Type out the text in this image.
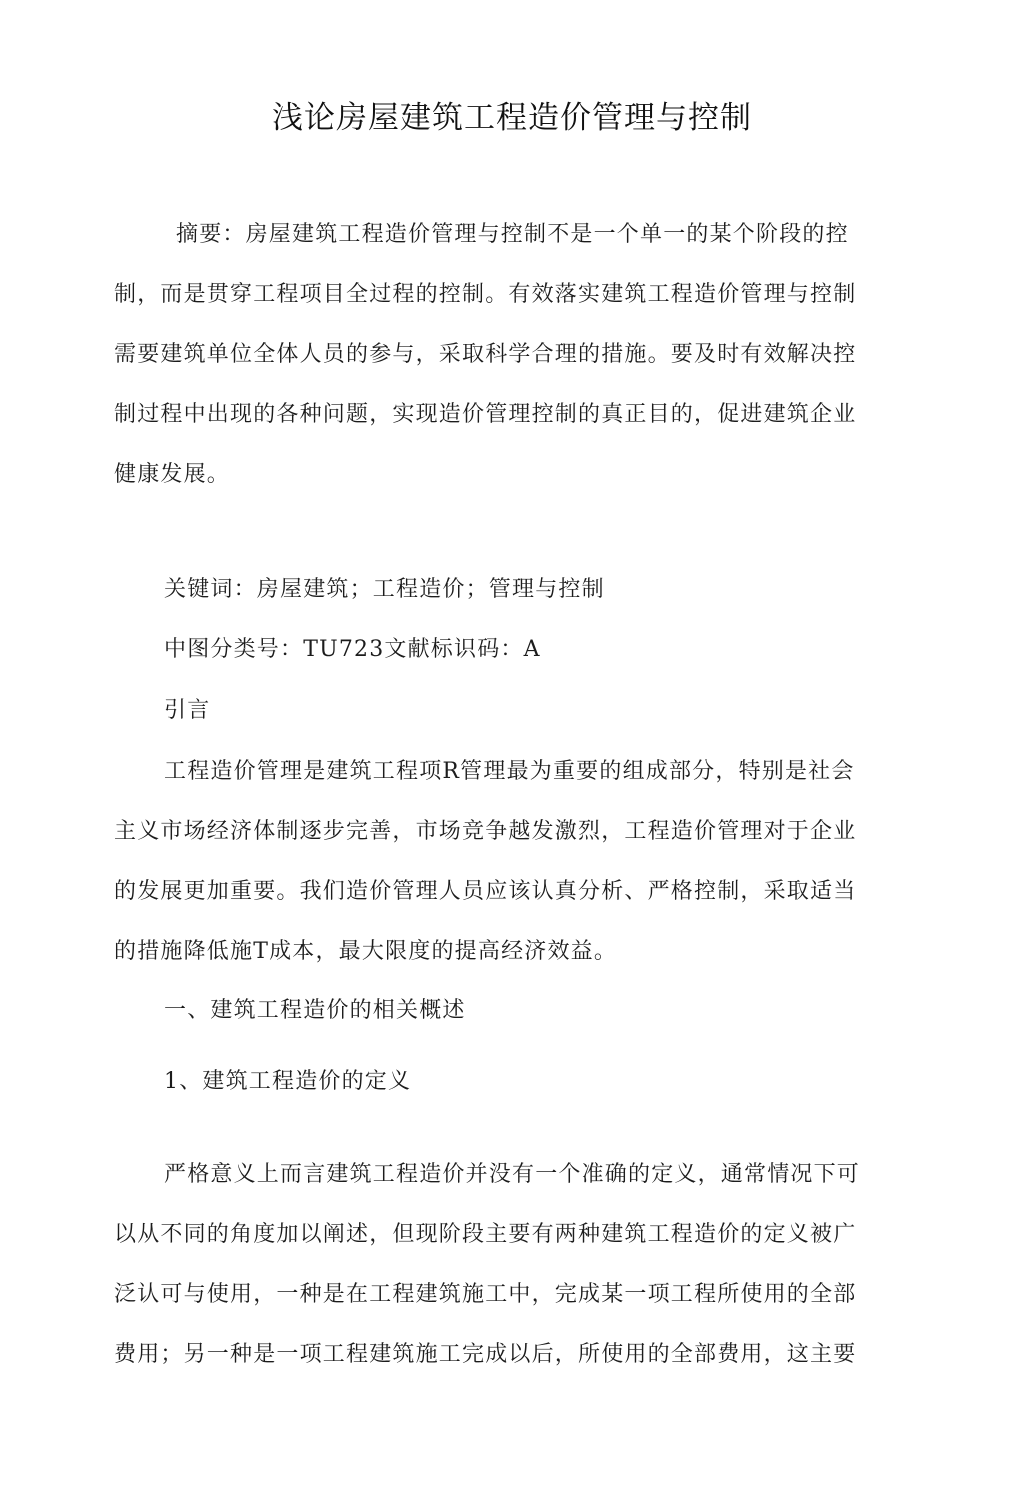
浅论房屋建筑工程造价管理与控制
摘要：房屋建筑工程造价管理与控制不是一个单一的某个阶段的控
制，而是贯穿工程项目全过程的控制。有效落实建筑工程造价管理与控制
需要建筑单位全体人员的参与，采取科学合理的措施。要及时有效解决控
制过程中出现的各种问题，实现造价管理控制的真正目的，促进建筑企业
健康发展。
关键词：房屋建筑；工程造价；管理与控制
中图分类号：TU723文献标识码：A
引言
工程造价管理是建筑工程项R管理最为重要的组成部分，特别是社会
主义市场经济体制逐步完善，市场竞争越发激烈，工程造价管理对于企业
的发展更加重要。我们造价管理人员应该认真分析、严格控制，采取适当
的措施降低施T成本，最大限度的提高经济效益。
一、建筑工程造价的相关概述
1、建筑工程造价的定义
严格意义上而言建筑工程造价并没有一个准确的定义，通常情况下可
以从不同的角度加以阐述，但现阶段主要有两种建筑工程造价的定义被广
泛认可与使用，一种是在工程建筑施工中，完成某一项工程所使用的全部
费用；另一种是一项工程建筑施工完成以后，所使用的全部费用，这主要
